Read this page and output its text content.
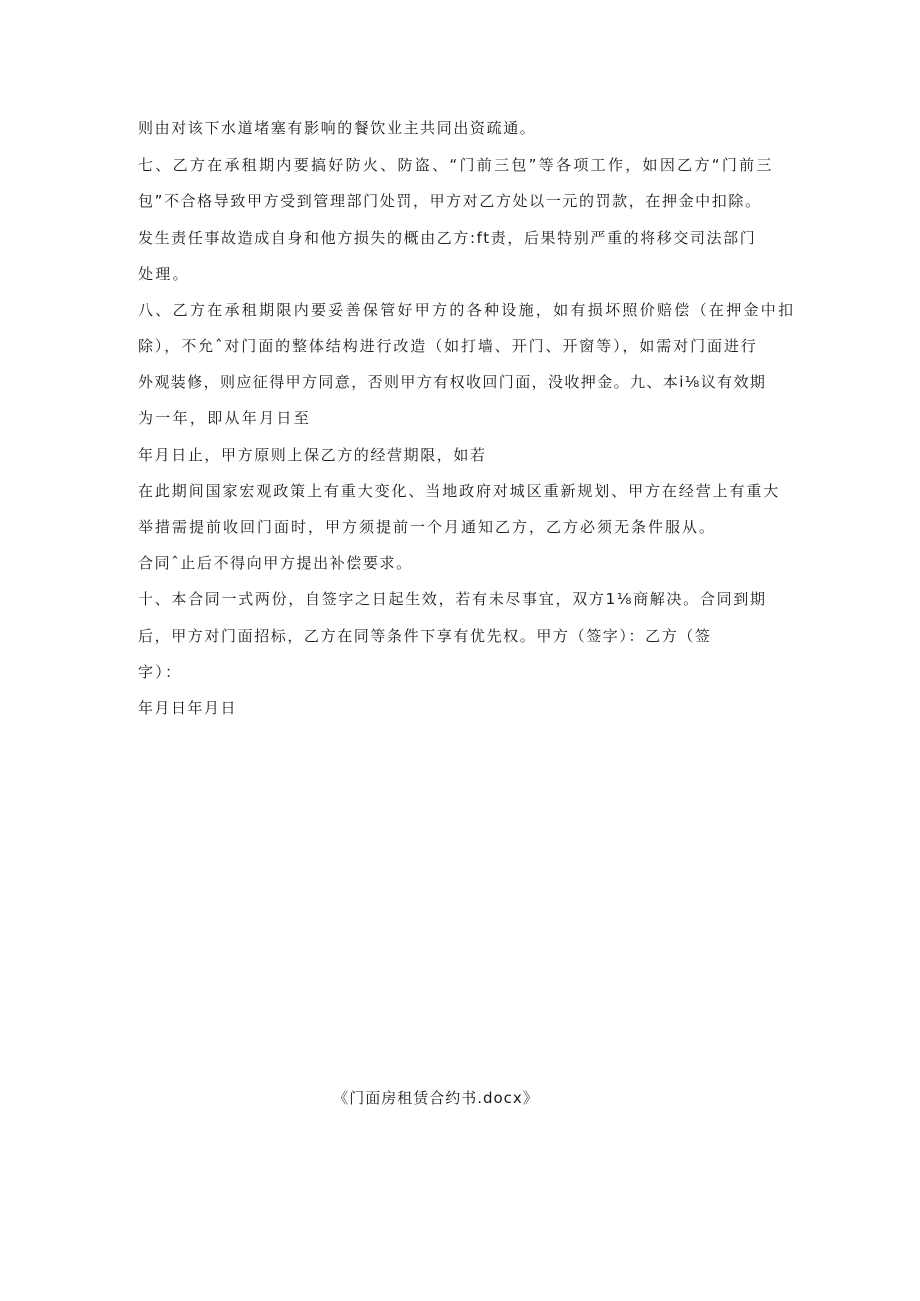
则由对该下水道堵塞有影响的餐饮业主共同出资疏通。
七、乙方在承租期内要搞好防火、防盗、“门前三包”等各项工作，如因乙方“门前三
包”不合格导致甲方受到管理部门处罚，甲方对乙方处以一元的罚款，在押金中扣除。
发生责任事故造成自身和他方损失的概由乙方:ft责，后果特别严重的将移交司法部门
处理。
八、乙方在承租期限内要妥善保管好甲方的各种设施，如有损坏照价赔偿（在押金中扣
除），不允ˆ对门面的整体结构进行改造（如打墙、开门、开窗等），如需对门面进行
外观装修，则应征得甲方同意，否则甲方有权收回门面，没收押金。九、本i⅛议有效期
为一年，即从年月日至
年月日止，甲方原则上保乙方的经营期限，如若
在此期间国家宏观政策上有重大变化、当地政府对城区重新规划、甲方在经营上有重大
举措需提前收回门面时，甲方须提前一个月通知乙方，乙方必须无条件服从。
合同ˆ止后不得向甲方提出补偿要求。
十、本合同一式两份，自签字之日起生效，若有未尽事宜，双方1⅛商解决。合同到期
后，甲方对门面招标，乙方在同等条件下享有优先权。甲方（签字）：乙方（签
字）：
年月日年月日
《门面房租赁合约书.docx》
